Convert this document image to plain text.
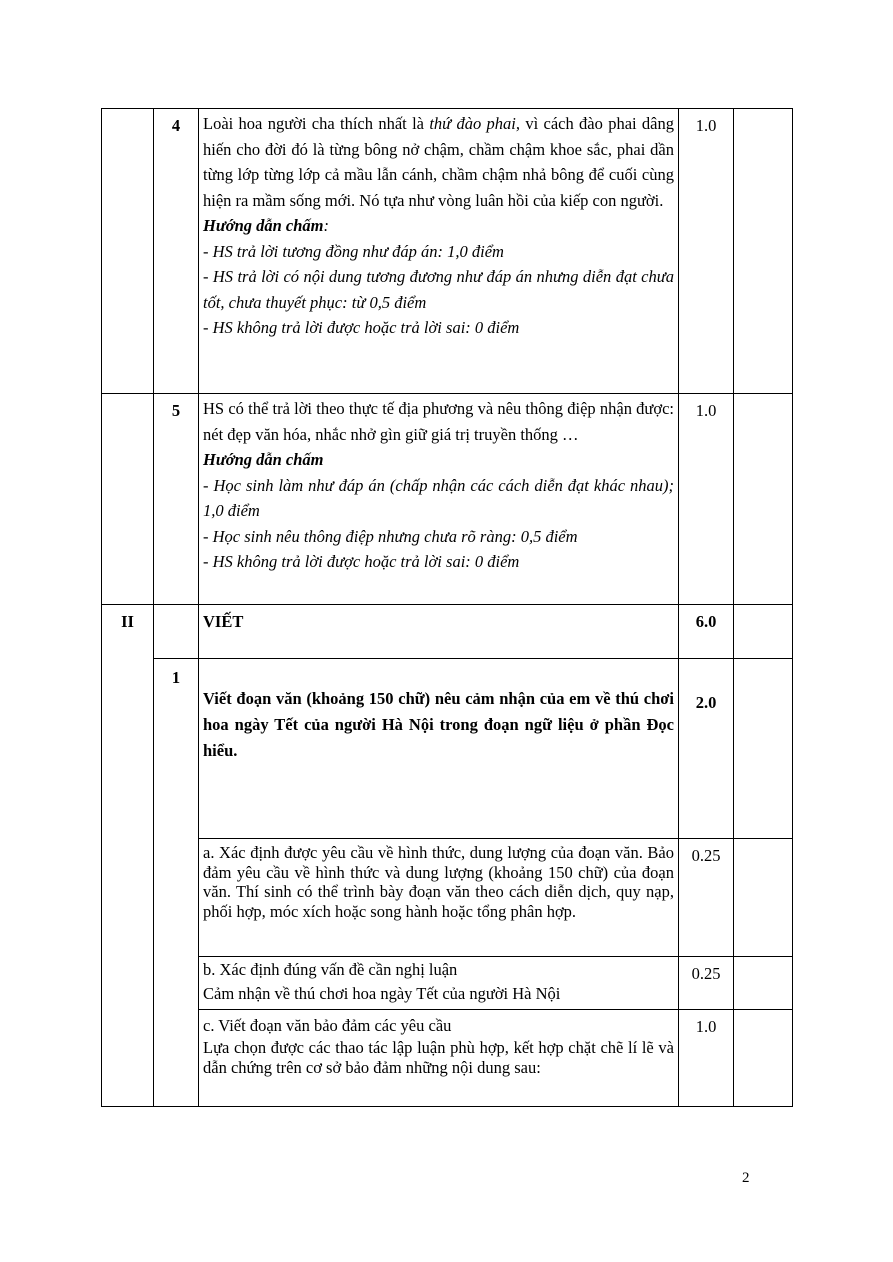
	4	Loài hoa người cha thích nhất là thứ đào phai, vì cách đào phai dâng hiến cho đời đó là từng bông nở chậm, chầm chậm khoe sắc, phai dần từng lớp từng lớp cả mầu lẫn cánh, chầm chậm nhả bông để cuối cùng hiện ra mầm sống mới. Nó tựa như vòng luân hồi của kiếp con người.
Hướng dẫn chấm:
- HS trả lời tương đồng như đáp án: 1,0 điểm
- HS trả lời có nội dung tương đương như đáp án nhưng diễn đạt chưa tốt, chưa thuyết phục: từ 0,5 điểm
- HS không trả lời được hoặc trả lời sai: 0 điểm	1.0	
	5	HS có thể trả lời theo thực tế địa phương và nêu thông điệp nhận được: nét đẹp văn hóa, nhắc nhở gìn giữ giá trị truyền thống …
Hướng dẫn chấm
- Học sinh làm như đáp án (chấp nhận các cách diễn đạt khác nhau); 1,0 điểm
- Học sinh nêu thông điệp nhưng chưa rõ ràng: 0,5 điểm
- HS không trả lời được hoặc trả lời sai: 0 điểm	1.0	
II		VIẾT	6.0	
	1	Viết đoạn văn (khoảng 150 chữ) nêu cảm nhận của em về thú chơi hoa ngày Tết của người Hà Nội trong đoạn ngữ liệu ở phần Đọc hiểu.	2.0	
		a. Xác định được yêu cầu về hình thức, dung lượng của đoạn văn. Bảo đảm yêu cầu về hình thức và dung lượng (khoảng 150 chữ) của đoạn văn. Thí sinh có thể trình bày đoạn văn theo cách diễn dịch, quy nạp, phối hợp, móc xích hoặc song hành hoặc tổng phân hợp.	0.25	

		b. Xác định đúng vấn đề cần nghị luận
Cảm nhận về thú chơi hoa ngày Tết của người Hà Nội	0.25	

		c. Viết đoạn văn bảo đảm các yêu cầu
Lựa chọn được các thao tác lập luận phù hợp, kết hợp chặt chẽ lí lẽ và dẫn chứng trên cơ sở bảo đảm những nội dung sau:	1.0	
2
